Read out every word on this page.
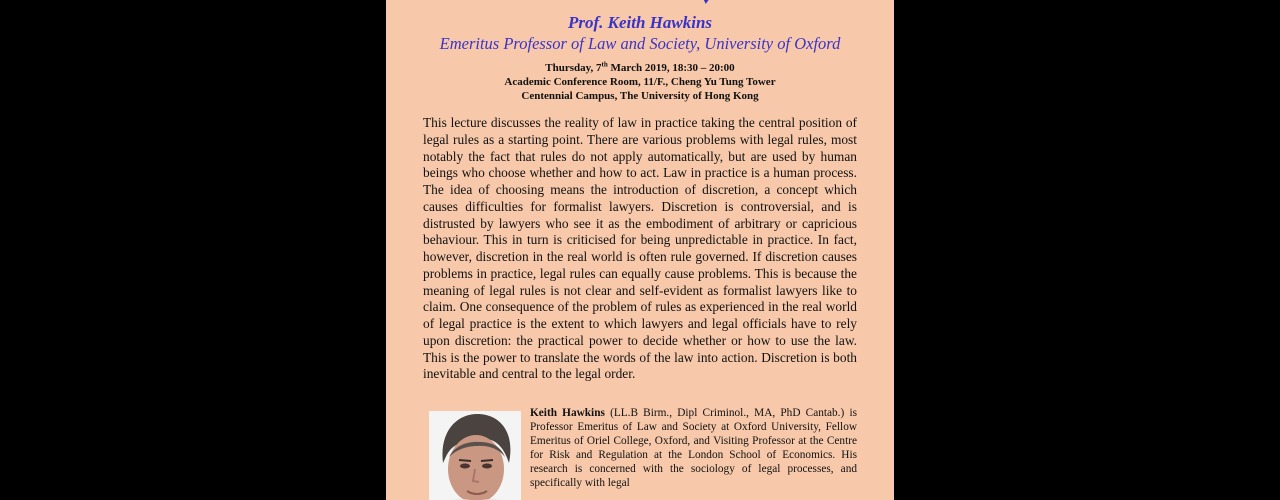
Prof. Keith Hawkins
Emeritus Professor of Law and Society, University of Oxford
Thursday, 7th March 2019, 18:30 – 20:00
Academic Conference Room, 11/F., Cheng Yu Tung Tower
Centennial Campus, The University of Hong Kong

This lecture discusses the reality of law in practice taking the central position of legal rules as a starting point. There are various problems with legal rules, most notably the fact that rules do not apply automatically, but are used by human beings who choose whether and how to act. Law in practice is a human process. The idea of choosing means the introduction of discretion, a concept which causes difficulties for formalist lawyers. Discretion is controversial, and is distrusted by lawyers who see it as the embodiment of arbitrary or capricious behaviour. This in turn is criticised for being unpredictable in practice. In fact, however, discretion in the real world is often rule governed. If discretion causes problems in practice, legal rules can equally cause problems. This is because the meaning of legal rules is not clear and self-evident as formalist lawyers like to claim. One consequence of the problem of rules as experienced in the real world of legal practice is the extent to which lawyers and legal officials have to rely upon discretion: the practical power to decide whether or how to use the law. This is the power to translate the words of the law into action. Discretion is both inevitable and central to the legal order.

Keith Hawkins (LL.B Birm., Dipl Criminol., MA, PhD Cantab.) is Professor Emeritus of Law and Society at Oxford University, Fellow Emeritus of Oriel College, Oxford, and Visiting Professor at the Centre for Risk and Regulation at the London School of Economics. His research is concerned with the sociology of legal processes, and specifically with legal
